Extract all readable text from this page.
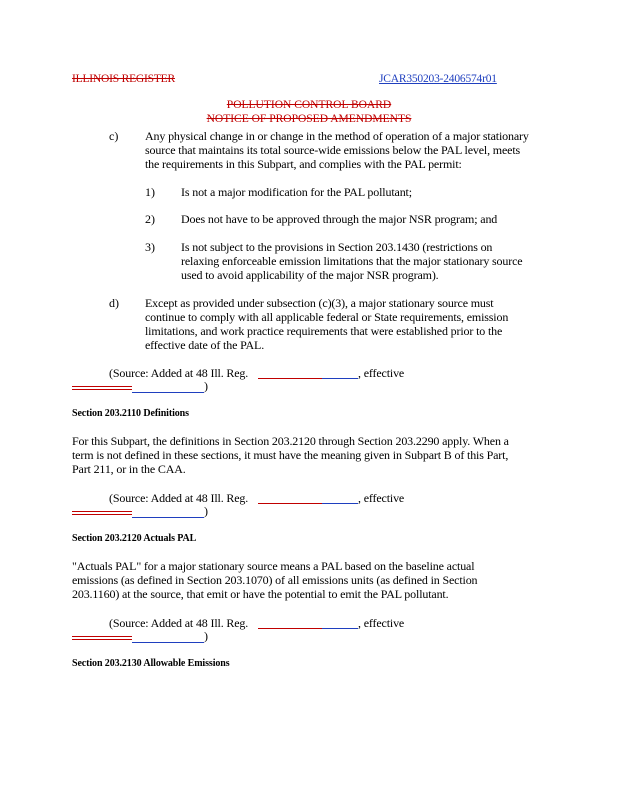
ILLINOIS REGISTER	JCAR350203-2406574r01
POLLUTION CONTROL BOARD
NOTICE OF PROPOSED AMENDMENTS
c) Any physical change in or change in the method of operation of a major stationary
source that maintains its total source-wide emissions below the PAL level, meets
the requirements in this Subpart, and complies with the PAL permit:
1) Is not a major modification for the PAL pollutant;
2) Does not have to be approved through the major NSR program; and
3) Is not subject to the provisions in Section 203.1430 (restrictions on
relaxing enforceable emission limitations that the major stationary source
used to avoid applicability of the major NSR program).
d) Except as provided under subsection (c)(3), a major stationary source must
continue to comply with all applicable federal or State requirements, emission
limitations, and work practice requirements that were established prior to the
effective date of the PAL.
(Source: Added at 48 Ill. Reg.	, effective
)
Section 203.2110 Definitions
For this Subpart, the definitions in Section 203.2120 through Section 203.2290 apply. When a
term is not defined in these sections, it must have the meaning given in Subpart B of this Part,
Part 211, or in the CAA.
(Source: Added at 48 Ill. Reg.	, effective
)
Section 203.2120 Actuals PAL
"Actuals PAL" for a major stationary source means a PAL based on the baseline actual
emissions (as defined in Section 203.1070) of all emissions units (as defined in Section
203.1160) at the source, that emit or have the potential to emit the PAL pollutant.
(Source: Added at 48 Ill. Reg.	, effective
)
Section 203.2130 Allowable Emissions
